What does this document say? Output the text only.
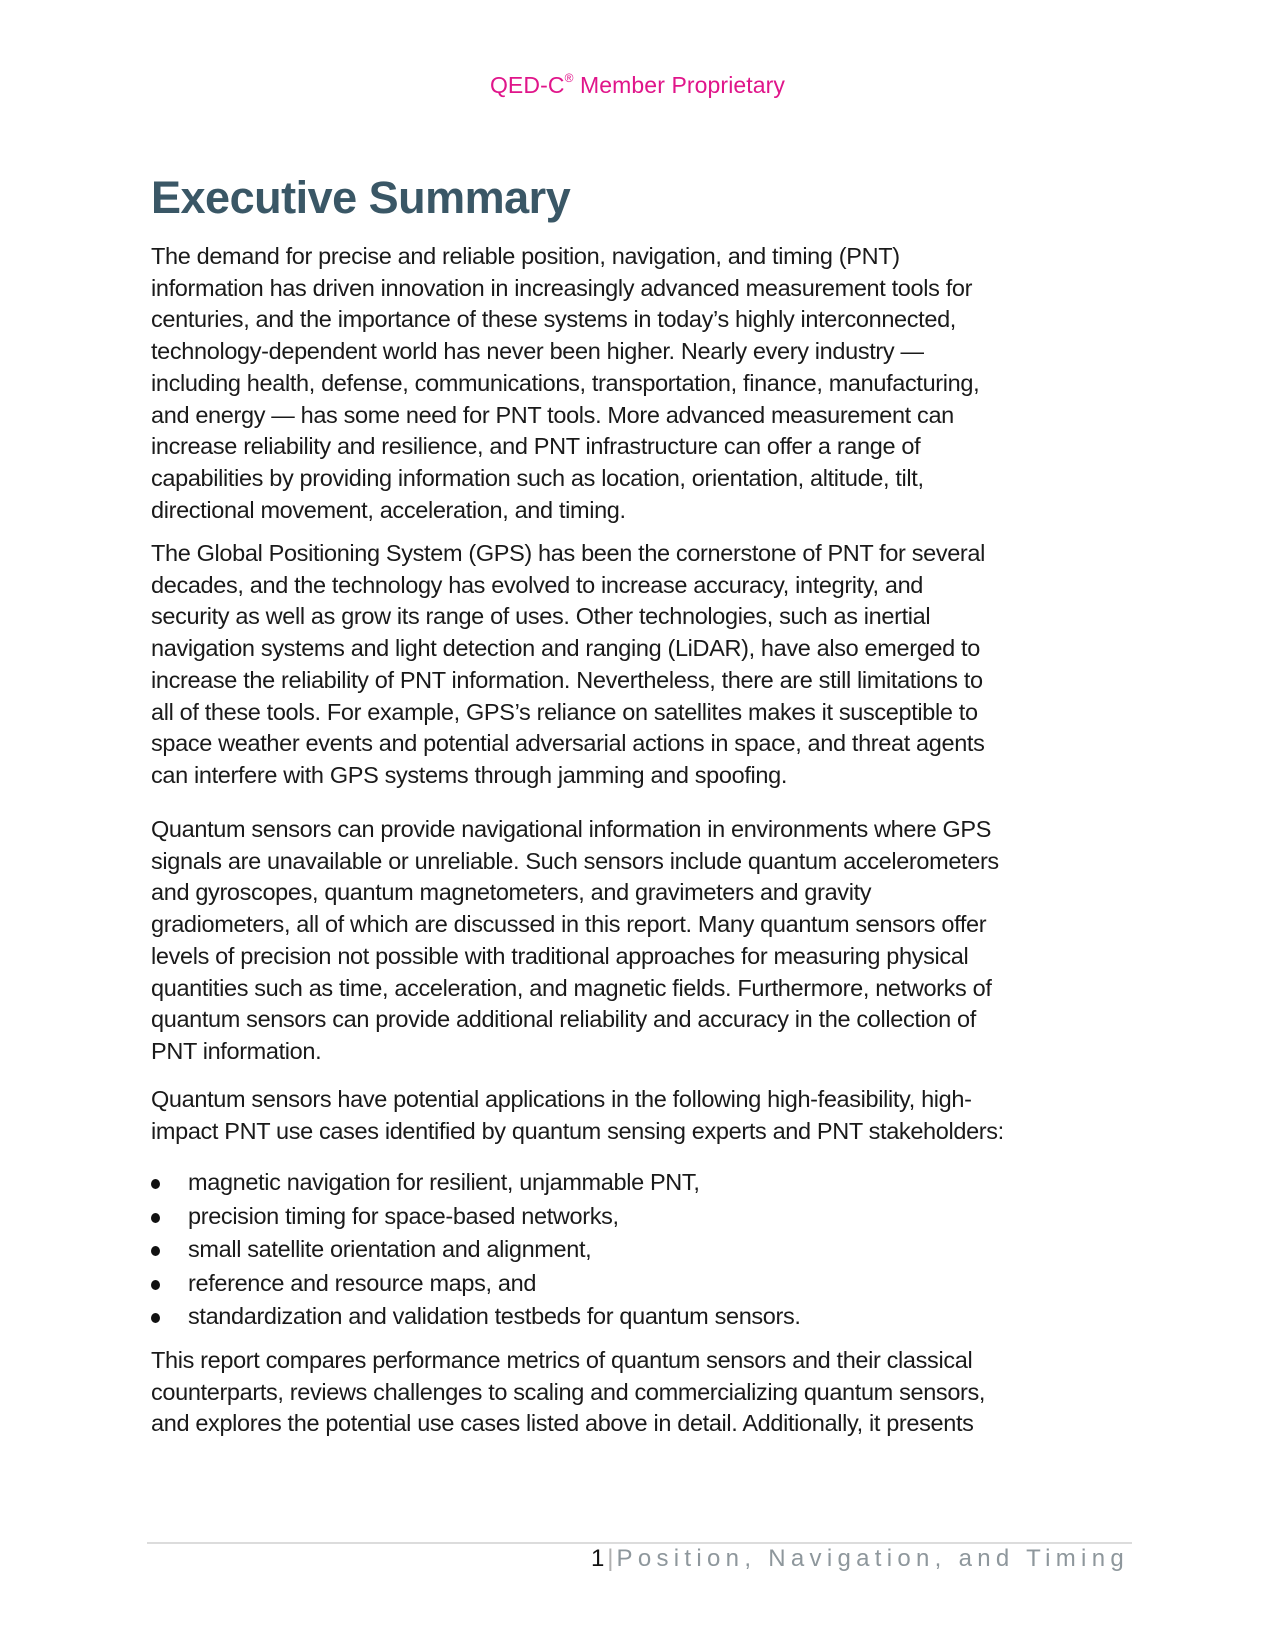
QED-C® Member Proprietary
Executive Summary

The demand for precise and reliable position, navigation, and timing (PNT)
information has driven innovation in increasingly advanced measurement tools for
centuries, and the importance of these systems in today’s highly interconnected,
technology-dependent world has never been higher. Nearly every industry —
including health, defense, communications, transportation, finance, manufacturing,
and energy — has some need for PNT tools. More advanced measurement can
increase reliability and resilience, and PNT infrastructure can offer a range of
capabilities by providing information such as location, orientation, altitude, tilt,
directional movement, acceleration, and timing.

The Global Positioning System (GPS) has been the cornerstone of PNT for several
decades, and the technology has evolved to increase accuracy, integrity, and
security as well as grow its range of uses. Other technologies, such as inertial
navigation systems and light detection and ranging (LiDAR), have also emerged to
increase the reliability of PNT information. Nevertheless, there are still limitations to
all of these tools. For example, GPS’s reliance on satellites makes it susceptible to
space weather events and potential adversarial actions in space, and threat agents
can interfere with GPS systems through jamming and spoofing.

Quantum sensors can provide navigational information in environments where GPS
signals are unavailable or unreliable. Such sensors include quantum accelerometers
and gyroscopes, quantum magnetometers, and gravimeters and gravity
gradiometers, all of which are discussed in this report. Many quantum sensors offer
levels of precision not possible with traditional approaches for measuring physical
quantities such as time, acceleration, and magnetic fields. Furthermore, networks of
quantum sensors can provide additional reliability and accuracy in the collection of
PNT information.

Quantum sensors have potential applications in the following high-feasibility, high-
impact PNT use cases identified by quantum sensing experts and PNT stakeholders:

magnetic navigation for resilient, unjammable PNT,
precision timing for space-based networks,
small satellite orientation and alignment,
reference and resource maps, and
standardization and validation testbeds for quantum sensors.

This report compares performance metrics of quantum sensors and their classical
counterparts, reviews challenges to scaling and commercializing quantum sensors,
and explores the potential use cases listed above in detail. Additionally, it presents

1 | Position, Navigation, and Timing
